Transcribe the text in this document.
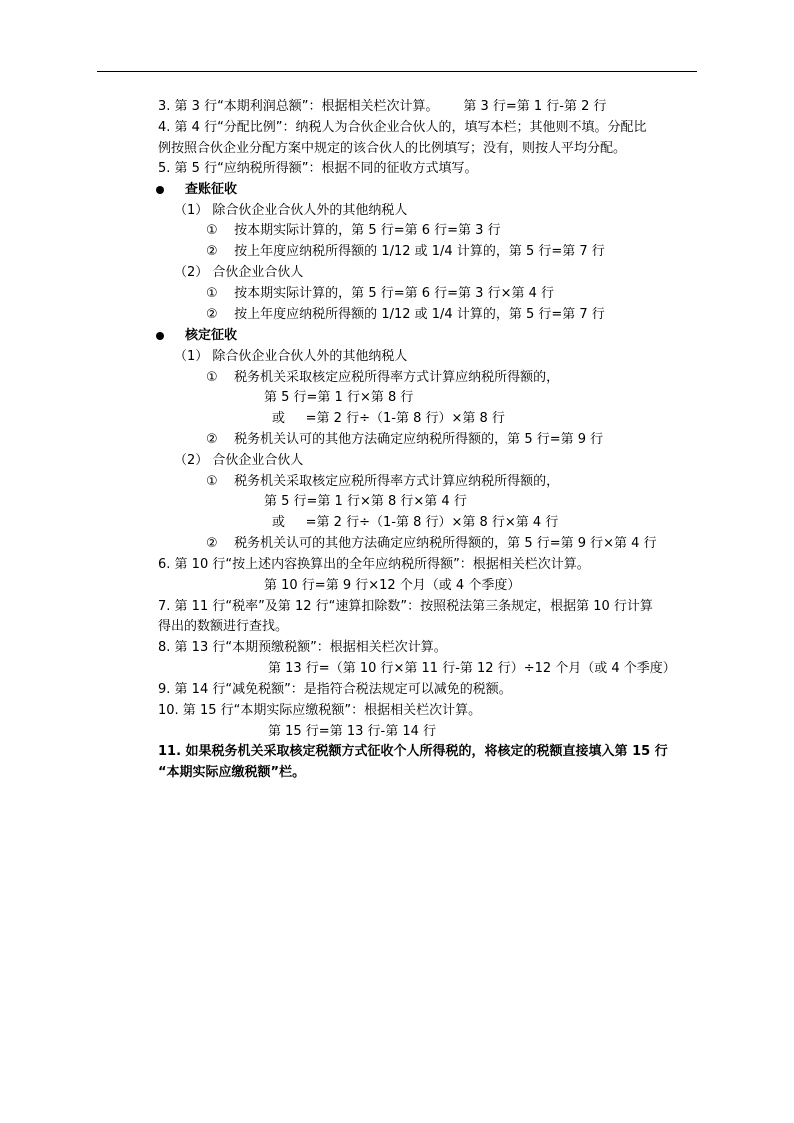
3. 第 3 行“本期利润总额”：根据相关栏次计算。      第 3 行=第 1 行-第 2 行
4. 第 4 行“分配比例”：纳税人为合伙企业合伙人的，填写本栏；其他则不填。分配比
例按照合伙企业分配方案中规定的该合伙人的比例填写；没有，则按人平均分配。
5. 第 5 行“应纳税所得额”：根据不同的征收方式填写。
查账征收
（1） 除合伙企业合伙人外的其他纳税人
①    按本期实际计算的，第 5 行=第 6 行=第 3 行
②    按上年度应纳税所得额的 1/12 或 1/4 计算的，第 5 行=第 7 行
（2） 合伙企业合伙人
①    按本期实际计算的，第 5 行=第 6 行=第 3 行×第 4 行
②    按上年度应纳税所得额的 1/12 或 1/4 计算的，第 5 行=第 7 行
核定征收
（1） 除合伙企业合伙人外的其他纳税人
①    税务机关采取核定应税所得率方式计算应纳税所得额的，
第 5 行=第 1 行×第 8 行
或     =第 2 行÷（1-第 8 行）×第 8 行
②    税务机关认可的其他方法确定应纳税所得额的，第 5 行=第 9 行
（2） 合伙企业合伙人
①    税务机关采取核定应税所得率方式计算应纳税所得额的，
第 5 行=第 1 行×第 8 行×第 4 行
或     =第 2 行÷（1-第 8 行）×第 8 行×第 4 行
②    税务机关认可的其他方法确定应纳税所得额的，第 5 行=第 9 行×第 4 行
6. 第 10 行“按上述内容换算出的全年应纳税所得额”：根据相关栏次计算。
第 10 行=第 9 行×12 个月（或 4 个季度）
7. 第 11 行“税率”及第 12 行“速算扣除数”：按照税法第三条规定，根据第 10 行计算
得出的数额进行查找。
8. 第 13 行“本期预缴税额”：根据相关栏次计算。
第 13 行=（第 10 行×第 11 行-第 12 行）÷12 个月（或 4 个季度）
9. 第 14 行“减免税额”：是指符合税法规定可以减免的税额。
10. 第 15 行“本期实际应缴税额”：根据相关栏次计算。
第 15 行=第 13 行-第 14 行
11. 如果税务机关采取核定税额方式征收个人所得税的，将核定的税额直接填入第 15 行
“本期实际应缴税额”栏。
